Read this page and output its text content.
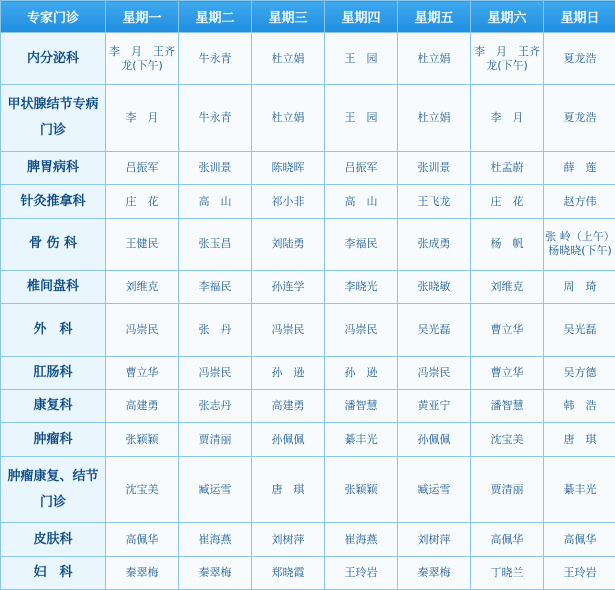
专家门诊	星期一	星期二	星期三	星期四	星期五	星期六	星期日
内分泌科	李　月　王齐龙(下午)	牛永青	杜立娟	王　园	杜立娟	李　月　王齐龙(下午)	夏龙浩
甲状腺结节专病门诊	李　月	牛永青	杜立娟	王　园	杜立娟	李　月	夏龙浩
脾胃病科	吕振军	张训景	陈晓晖	吕振军	张训景	杜孟蔚	薛　莲
针灸推拿科	庄　花	高　山	祁小非	高　山	王飞龙	庄　花	赵方伟
骨 伤 科	王健民	张玉昌	刘陆勇	李福民	张成勇	杨　帆	张 岭（上午）杨晓晓(下午)
椎间盘科	刘维克	李福民	孙连学	李晓光	张晓敏	刘维克	周　琦
外　科	冯崇民	张　丹	冯崇民	冯崇民	吴光磊	曹立华	吴光磊
肛肠科	曹立华	冯崇民	孙　逊	孙　逊	冯崇民	曹立华	吴方德
康复科	高建勇	张志丹	高建勇	潘智慧	黄亚宁	潘智慧	韩　浩
肿瘤科	张颖颖	贾清丽	孙佩佩	綦丰光	孙佩佩	沈宝美	唐　琪
肿瘤康复、结节门诊	沈宝美	臧运雪	唐　琪	张颖颖	臧运雪	贾清丽	綦丰光
皮肤科	高佩华	崔海燕	刘树萍	崔海燕	刘树萍	高佩华	高佩华
妇　科	秦翠梅	秦翠梅	郑晓霞	王玲岩	秦翠梅	丁晓兰	王玲岩
